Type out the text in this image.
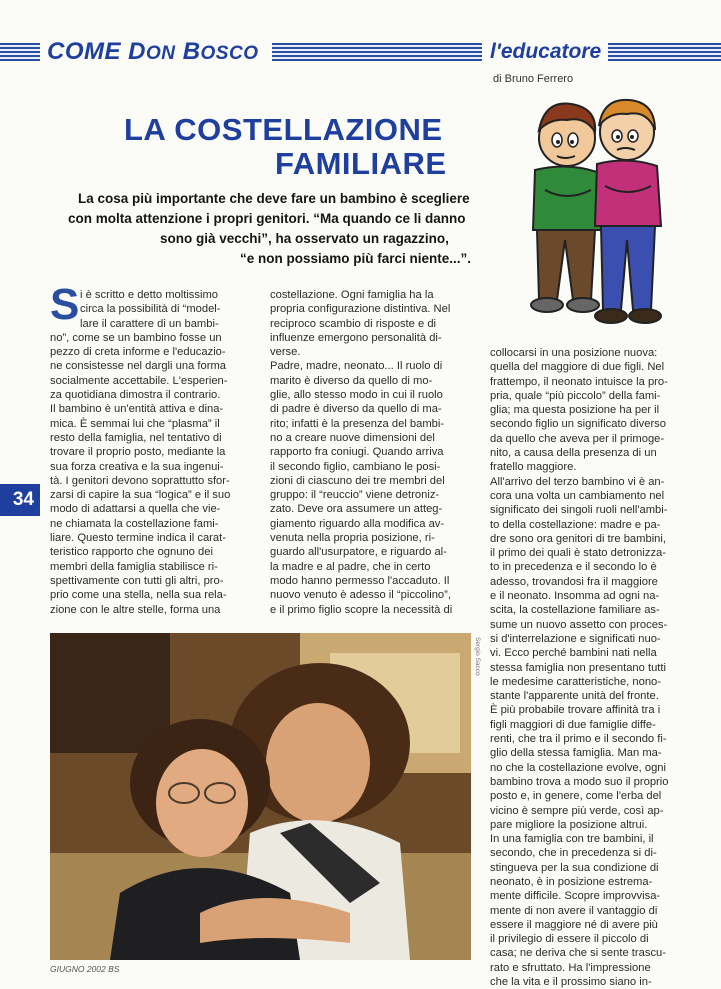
COME DON BOSCO	l'educatore
di Bruno Ferrero
LA COSTELLAZIONE
FAMILIARE
La cosa più importante che deve fare un bambino è scegliere
con molta attenzione i propri genitori. “Ma quando ce li danno
sono già vecchi”, ha osservato un ragazzino,
“e non possiamo più farci niente...”.
S i è scritto e detto moltissimo
circa la possibilità di “model-
lare il carattere di un bambi-
no”, come se un bambino fosse un
pezzo di creta informe e l'educazio-
ne consistesse nel dargli una forma
socialmente accettabile. L'esperien-
za quotidiana dimostra il contrario.
Il bambino è un'entità attiva e dina-
mica. È semmai lui che “plasma” il
resto della famiglia, nel tentativo di
trovare il proprio posto, mediante la
sua forza creativa e la sua ingenui-
tà. I genitori devono soprattutto sfor-
zarsi di capire la sua “logica” e il suo
modo di adattarsi a quella che vie-
ne chiamata la costellazione fami-
liare. Questo termine indica il carat-
teristico rapporto che ognuno dei
membri della famiglia stabilisce ri-
spettivamente con tutti gli altri, pro-
prio come una stella, nella sua rela-
zione con le altre stelle, forma una
costellazione. Ogni famiglia ha la
propria configurazione distintiva. Nel
reciproco scambio di risposte e di
influenze emergono personalità di-
verse.
Padre, madre, neonato... Il ruolo di
marito è diverso da quello di mo-
glie, allo stesso modo in cui il ruolo
di padre è diverso da quello di ma-
rito; infatti è la presenza del bambi-
no a creare nuove dimensioni del
rapporto fra coniugi. Quando arriva
il secondo figlio, cambiano le posi-
zioni di ciascuno dei tre membri del
gruppo: il “reuccio” viene detroniz-
zato. Deve ora assumere un atteg-
giamento riguardo alla modifica av-
venuta nella propria posizione, ri-
guardo all'usurpatore, e riguardo al-
la madre e al padre, che in certo
modo hanno permesso l'accaduto. Il
nuovo venuto è adesso il “piccolino”,
e il primo figlio scopre la necessità di
collocarsi in una posizione nuova:
quella del maggiore di due figli. Nel
frattempo, il neonato intuisce la pro-
pria, quale “più piccolo” della fami-
glia; ma questa posizione ha per il
secondo figlio un significato diverso
da quello che aveva per il primoge-
nito, a causa della presenza di un
fratello maggiore.
All'arrivo del terzo bambino vi è an-
cora una volta un cambiamento nel
significato dei singoli ruoli nell'ambi-
to della costellazione: madre e pa-
dre sono ora genitori di tre bambini,
il primo dei quali è stato detronizza-
to in precedenza e il secondo lo è
adesso, trovandosi fra il maggiore
e il neonato. Insomma ad ogni na-
scita, la costellazione familiare as-
sume un nuovo assetto con proces-
si d'interrelazione e significati nuo-
vi. Ecco perché bambini nati nella
stessa famiglia non presentano tutti
le medesime caratteristiche, nono-
stante l'apparente unità del fronte.
È più probabile trovare affinità tra i
figli maggiori di due famiglie diffe-
renti, che tra il primo e il secondo fi-
glio della stessa famiglia. Man ma-
no che la costellazione evolve, ogni
bambino trova a modo suo il proprio
posto e, in genere, come l'erba del
vicino è sempre più verde, così ap-
pare migliore la posizione altrui.
In una famiglia con tre bambini, il
secondo, che in precedenza si di-
stingueva per la sua condizione di
neonato, è in posizione estrema-
mente difficile. Scopre improvvisa-
mente di non avere il vantaggio di
essere il maggiore né di avere più
il privilegio di essere il piccolo di
casa; ne deriva che si sente trascu-
rato e sfruttato. Ha l'impressione
che la vita e il prossimo siano in-
34
Sergio Sacco
GIUGNO 2002 BS
